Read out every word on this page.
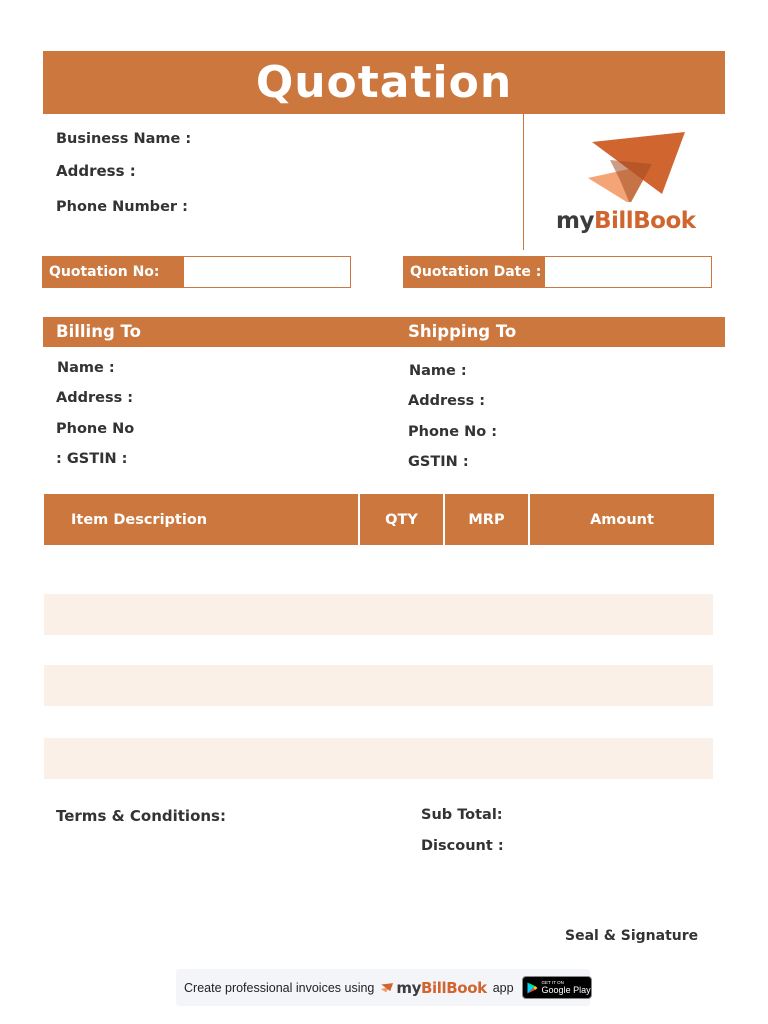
Quotation
Business Name :
Address :
Phone Number :
myBillBook
Quotation No:	Quotation Date :
Billing To	Shipping To
Name :
Address :
Phone No
: GSTIN :
Name :
Address :
Phone No :
GSTIN :
Item Description	QTY	MRP	Amount
Terms & Conditions:	Sub Total:
Discount :
Seal & Signature
Create professional invoices using myBillBook app	GET IT ON
Google Play
